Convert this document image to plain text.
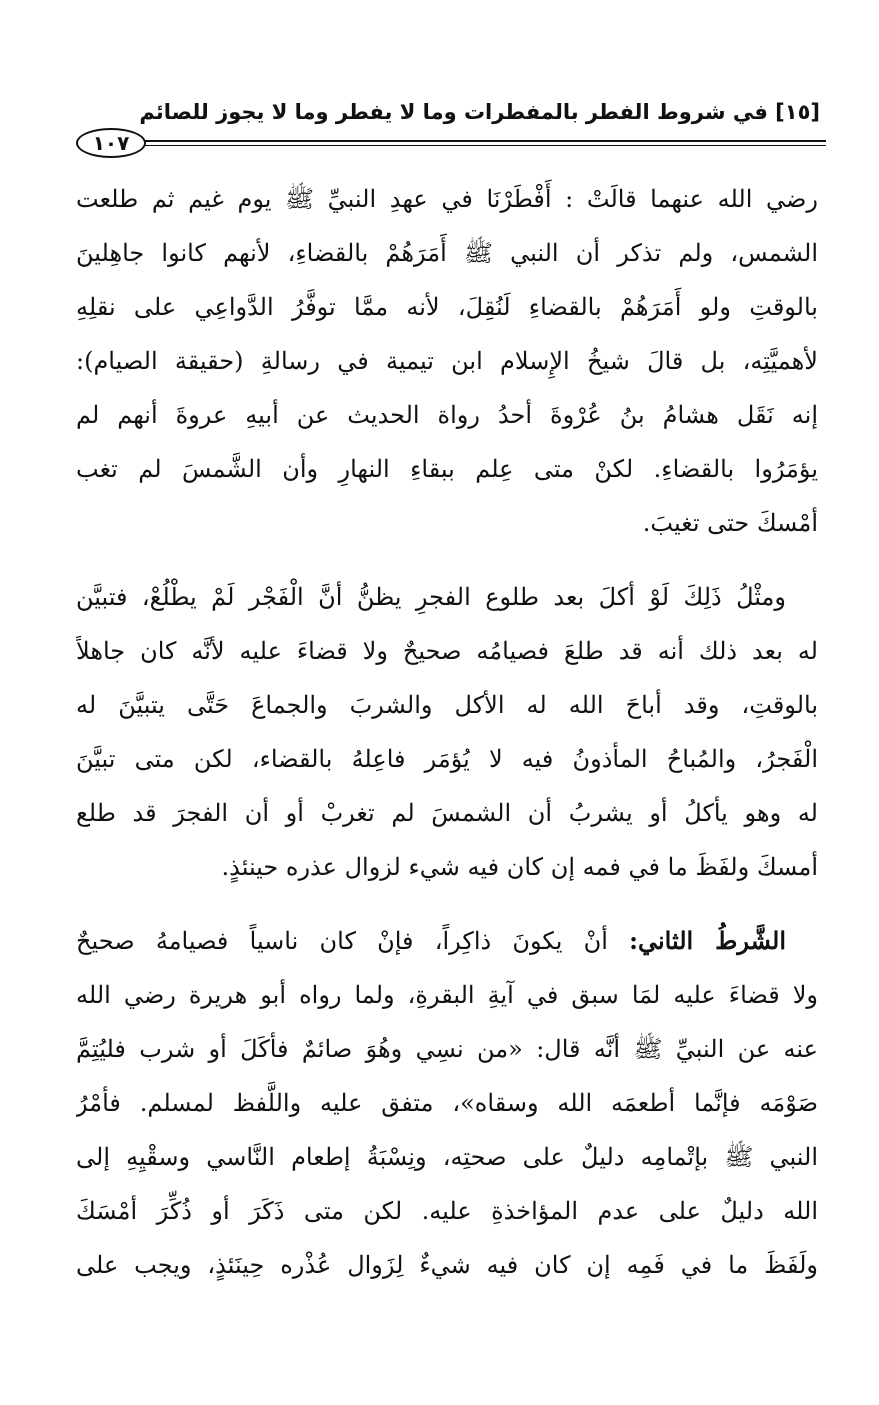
[١٥] في شروط الفطر بالمفطرات وما لا يفطر وما لا يجوز للصائم
١٠٧
رضي الله عنهما قالَتْ : أَفْطَرْنَا في عهدِ النبيِّ ﷺ يوم غيم ثم طلعت
الشمس، ولم تذكر أن النبي ﷺ أَمَرَهُمْ بالقضاءِ، لأنهم كانوا جاهِلينَ
بالوقتِ ولو أَمَرَهُمْ بالقضاءِ لَنُقِلَ، لأنه ممَّا توفَّرُ الدَّواعِي على نقلِهِ
لأهميَّتِه، بل قالَ شيخُ الإِسلام ابن تيمية في رسالةِ (حقيقة الصيام):
إنه نَقَل هشامُ بنُ عُرْوةَ أحدُ رواة الحديث عن أبيهِ عروةَ أنهم لم
يؤمَرُوا بالقضاءِ. لكنْ متى عِلم ببقاءِ النهارِ وأن الشَّمسَ لم تغب
أمْسكَ حتى تغيبَ.
ومثْلُ ذَلِكَ لَوْ أكلَ بعد طلوع الفجرِ يظنُّ أنَّ الْفَجْر لَمْ يطْلُعْ، فتبيَّن
له بعد ذلك أنه قد طلعَ فصيامُه صحيحٌ ولا قضاءَ عليه لأنَّه كان جاهلاً
بالوقتِ، وقد أباحَ الله له الأكل والشربَ والجماعَ حَتَّى يتبيَّنَ له
الْفَجرُ، والمُباحُ المأذونُ فيه لا يُؤمَر فاعِلهُ بالقضاء، لكن متى تبيَّنَ
له وهو يأكلُ أو يشربُ أن الشمسَ لم تغربْ أو أن الفجرَ قد طلع
أمسكَ ولفَظَ ما في فمه إن كان فيه شيء لزوال عذره حينئذٍ.
الشَّرطُ الثاني: أنْ يكونَ ذاكِراً، فإنْ كان ناسياً فصيامهُ صحيحٌ
ولا قضاءَ عليه لمَا سبق في آيةِ البقرةِ، ولما رواه أبو هريرة رضي الله
عنه عن النبيِّ ﷺ أنَّه قال: «من نسِي وهُوَ صائمٌ فأكَلَ أو شرب فليُتِمَّ
صَوْمَه فإنَّما أطعمَه الله وسقاه»، متفق عليه واللَّفظ لمسلم. فأمْرُ
النبي ﷺ بإتْمامِه دليلٌ على صحتِه، ونِسْبَةُ إطعام النَّاسي وسقْيِهِ إلى
الله دليلٌ على عدم المؤاخذةِ عليه. لكن متى ذَكَرَ أو ذُكِّرَ أمْسَكَ
ولَفَظَ ما في فَمِه إن كان فيه شيءٌ لِزَوال عُذْره حِينَئذٍ، ويجب على
